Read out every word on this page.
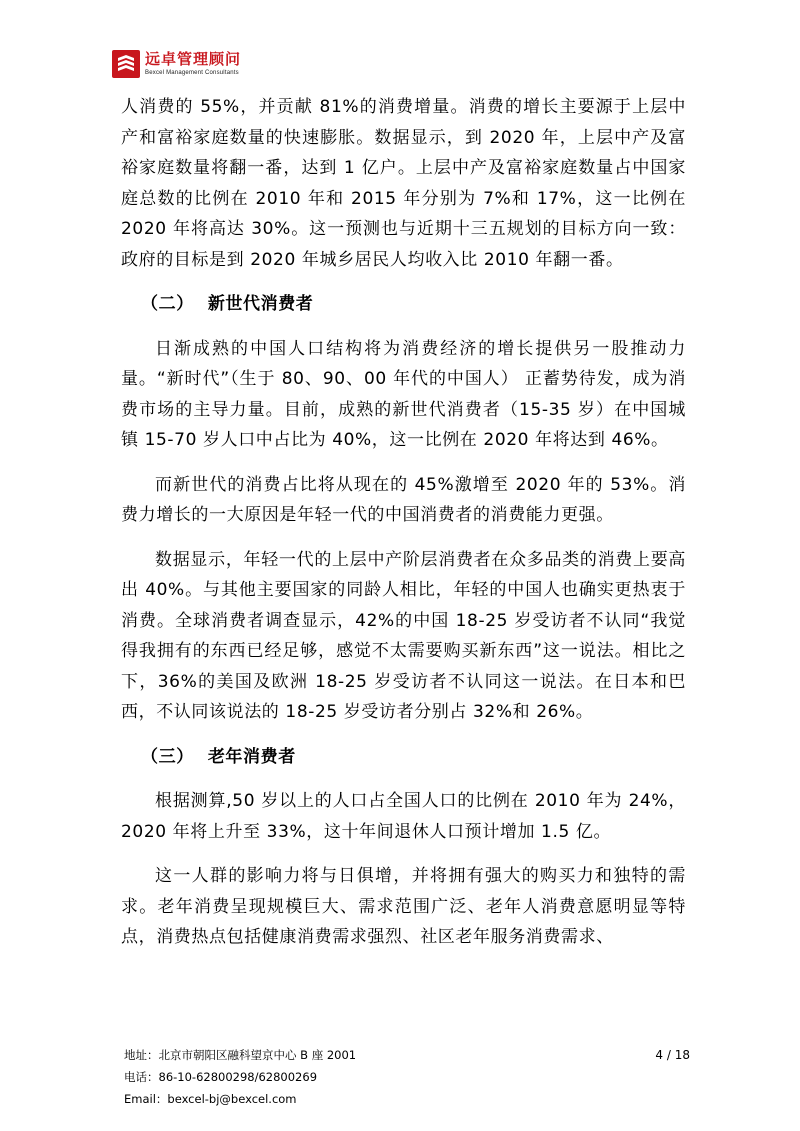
远卓管理顾问
Bexcel Management Consultants

人消费的 55%，并贡献 81%的消费增量。消费的增长主要源于上层中产和富裕家庭数量的快速膨胀。数据显示，到 2020 年，上层中产及富裕家庭数量将翻一番，达到 1 亿户。上层中产及富裕家庭数量占中国家庭总数的比例在 2010 年和 2015 年分别为 7%和 17%，这一比例在 2020 年将高达 30%。这一预测也与近期十三五规划的目标方向一致：政府的目标是到 2020 年城乡居民人均收入比 2010 年翻一番。

（二） 新世代消费者

日渐成熟的中国人口结构将为消费经济的增长提供另一股推动力量。“新时代”（生于 80、90、00 年代的中国人） 正蓄势待发，成为消费市场的主导力量。目前，成熟的新世代消费者（15-35 岁）在中国城镇 15-70 岁人口中占比为 40%，这一比例在 2020 年将达到 46%。

而新世代的消费占比将从现在的 45%激增至 2020 年的 53%。消费力增长的一大原因是年轻一代的中国消费者的消费能力更强。

数据显示，年轻一代的上层中产阶层消费者在众多品类的消费上要高出 40%。与其他主要国家的同龄人相比，年轻的中国人也确实更热衷于消费。全球消费者调查显示，42%的中国 18-25 岁受访者不认同“我觉得我拥有的东西已经足够，感觉不太需要购买新东西”这一说法。相比之下，36%的美国及欧洲 18-25 岁受访者不认同这一说法。在日本和巴西，不认同该说法的 18-25 岁受访者分别占 32%和 26%。

（三） 老年消费者

根据测算,50 岁以上的人口占全国人口的比例在 2010 年为 24%，2020 年将上升至 33%，这十年间退休人口预计增加 1.5 亿。

这一人群的影响力将与日俱增，并将拥有强大的购买力和独特的需求。老年消费呈现规模巨大、需求范围广泛、老年人消费意愿明显等特点，消费热点包括健康消费需求强烈、社区老年服务消费需求、

地址：北京市朝阳区融科望京中心 B 座 2001	4 / 18
电话：86-10-62800298/62800269
Email：bexcel-bj@bexcel.com
